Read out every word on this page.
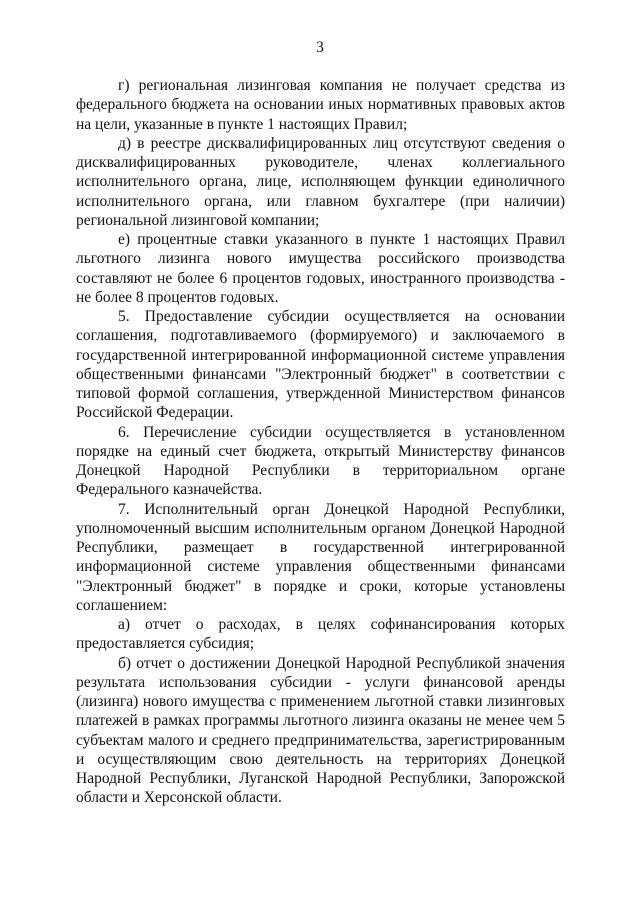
3

г) региональная лизинговая компания не получает средства из федерального бюджета на основании иных нормативных правовых актов на цели, указанные в пункте 1 настоящих Правил;

д) в реестре дисквалифицированных лиц отсутствуют сведения о дисквалифицированных руководителе, членах коллегиального исполнительного органа, лице, исполняющем функции единоличного исполнительного органа, или главном бухгалтере (при наличии) региональной лизинговой компании;

е) процентные ставки указанного в пункте 1 настоящих Правил льготного лизинга нового имущества российского производства составляют не более 6 процентов годовых, иностранного производства - не более 8 процентов годовых.

5. Предоставление субсидии осуществляется на основании соглашения, подготавливаемого (формируемого) и заключаемого в государственной интегрированной информационной системе управления общественными финансами "Электронный бюджет" в соответствии с типовой формой соглашения, утвержденной Министерством финансов Российской Федерации.

6. Перечисление субсидии осуществляется в установленном порядке на единый счет бюджета, открытый Министерству финансов Донецкой Народной Республики в территориальном органе Федерального казначейства.

7. Исполнительный орган Донецкой Народной Республики, уполномоченный высшим исполнительным органом Донецкой Народной Республики, размещает в государственной интегрированной информационной системе управления общественными финансами "Электронный бюджет" в порядке и сроки, которые установлены соглашением:

а) отчет о расходах, в целях софинансирования которых предоставляется субсидия;

б) отчет о достижении Донецкой Народной Республикой значения результата использования субсидии - услуги финансовой аренды (лизинга) нового имущества с применением льготной ставки лизинговых платежей в рамках программы льготного лизинга оказаны не менее чем 5 субъектам малого и среднего предпринимательства, зарегистрированным и осуществляющим свою деятельность на территориях Донецкой Народной Республики, Луганской Народной Республики, Запорожской области и Херсонской области.
